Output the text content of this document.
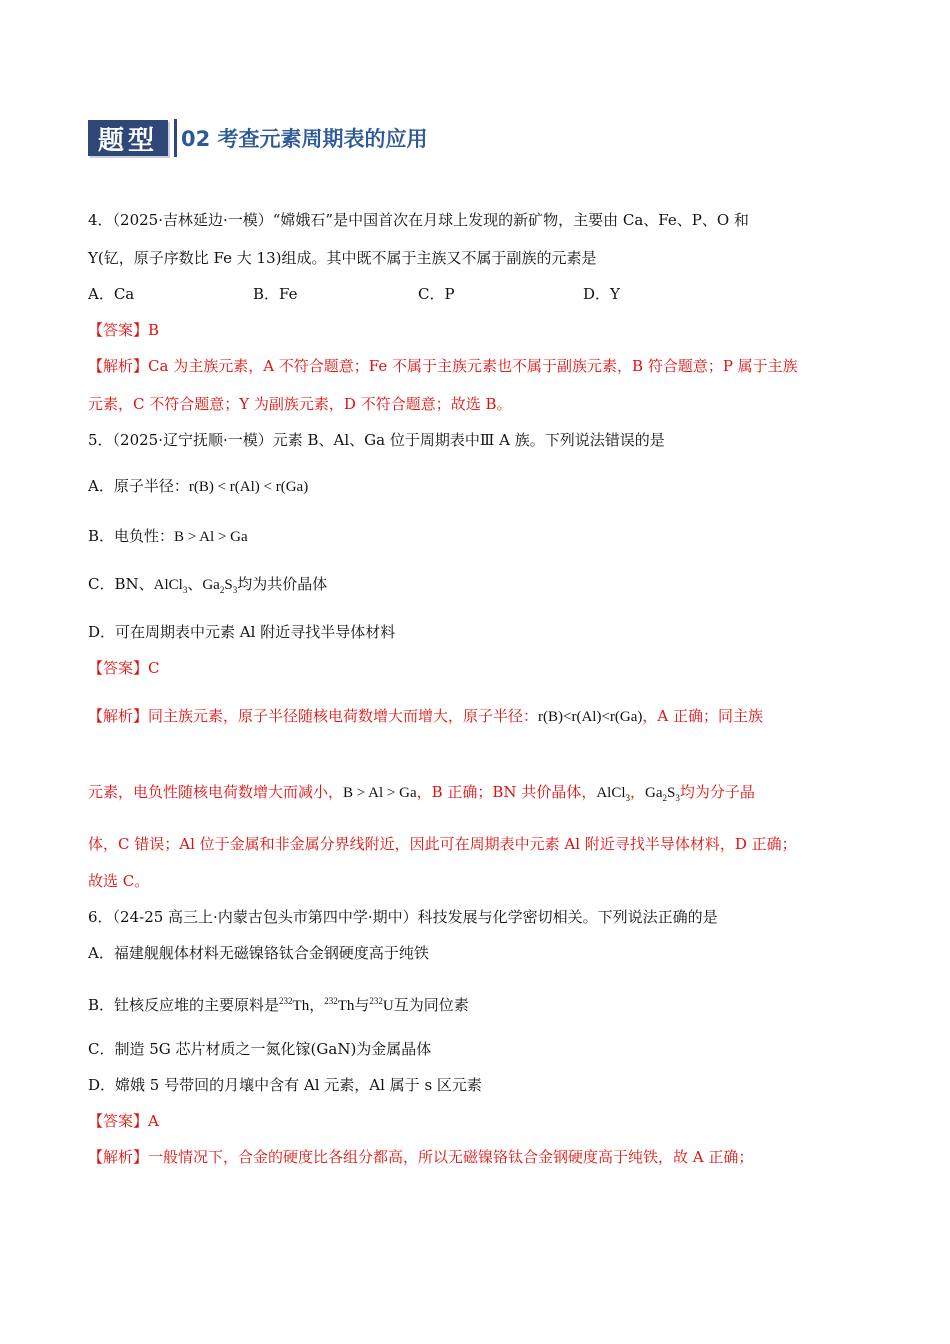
题型	02 考查元素周期表的应用
4．（2025·吉林延边·一模）“嫦娥石”是中国首次在月球上发现的新矿物，主要由 Ca、Fe、P、O 和
Y(钇，原子序数比 Fe 大 13)组成。其中既不属于主族又不属于副族的元素是
A．Ca	B．Fe	C．P	D．Y
【答案】B
【解析】Ca 为主族元素，A 不符合题意；Fe 不属于主族元素也不属于副族元素，B 符合题意；P 属于主族
元素，C 不符合题意；Y 为副族元素，D 不符合题意；故选 B。
5．（2025·辽宁抚顺·一模）元素 B、Al、Ga 位于周期表中Ⅲ A 族。下列说法错误的是
A．原子半径：r(B) < r(Al) < r(Ga)
B．电负性：B > Al > Ga
C．BN、AlCl$_3$、$Ga_2S_3$均为共价晶体
D．可在周期表中元素 Al 附近寻找半导体材料
【答案】C
【解析】同主族元素，原子半径随核电荷数增大而增大，原子半径：r(B)<r(Al)<r(Ga)，A 正确；同主族
元素，电负性随核电荷数增大而减小，B > Al > Ga，B 正确；BN 共价晶体，AlCl$_3$，$Ga_2S_3$均为分子晶
体，C 错误；Al 位于金属和非金属分界线附近，因此可在周期表中元素 Al 附近寻找半导体材料，D 正确；
故选 C。
6．（24-25 高三上·内蒙古包头市第四中学·期中）科技发展与化学密切相关。下列说法正确的是
A．福建舰舰体材料无磁镍铬钛合金钢硬度高于纯铁
B．钍核反应堆的主要原料是$^{232}$Th，$^{232}$Th与$^{232}$U互为同位素
C．制造 5G 芯片材质之一氮化镓(GaN)为金属晶体
D．嫦娥 5 号带回的月壤中含有 Al 元素，Al 属于 s 区元素
【答案】A
【解析】一般情况下，合金的硬度比各组分都高，所以无磁镍铬钛合金钢硬度高于纯铁，故 A 正确；
